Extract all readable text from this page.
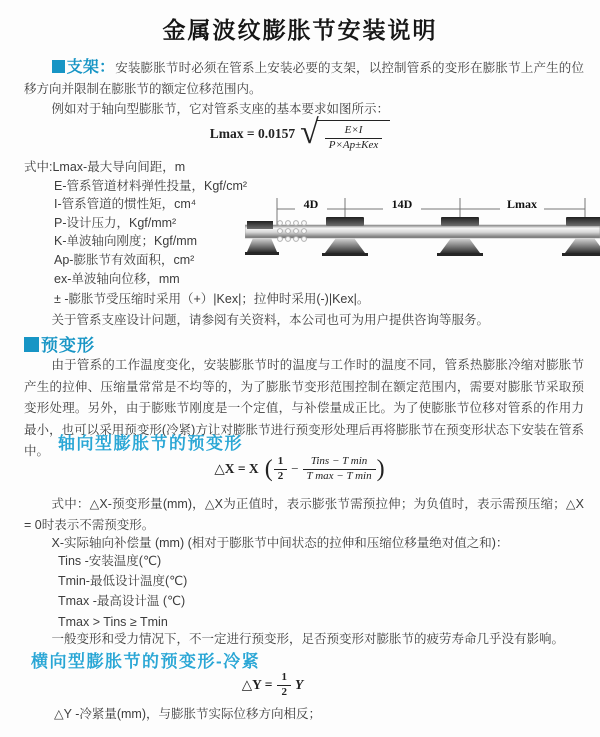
金属波纹膨胀节安装说明

支架：安装膨胀节时必须在管系上安装必要的支架，以控制管系的变形在膨胀节上产生的位移方向并限制在膨胀节的额定位移范围内。

例如对于轴向型膨胀节，它对管系支座的基本要求如图所示：

Lmax = 0.0157 √ $\frac{E\times I}{\text{P×Ap±Kex}}$
式中:Lmax-最大导向间距，m
E-管系管道材料弹性投量，Kgf/cm²
I-管系管道的惯性矩，cm⁴
P-设计压力，Kgf/mm²
K-单波轴向刚度；Kgf/mm
Ap-膨胀节有效面积，cm²
ex-单波轴向位移，mm

± -膨胀节受压缩时采用（+）|Kex|；拉伸时采用(-)|Kex|。

关于管系支座设计问题，请参阅有关资料，本公司也可为用户提供咨询等服务。

4D	14D	Lmax
预变形

由于管系的工作温度变化，安装膨胀节时的温度与工作时的温度不同，管系热膨胀冷缩对膨胀节产生的拉伸、压缩量常常是不均等的，为了膨胀节变形范围控制在额定范围内，需要对膨胀节采取预变形处理。另外，由于膨账节刚度是一个定值，与补偿量成正比。为了使膨胀节位移对管系的作用力最小，也可以采用预变形(冷紧)方让对膨胀节进行预变形处理后再将膨胀节在预变形状态下安装在管系中。 轴向型膨胀节的预变形
△X = X ( $\frac{1}{2} - \frac{\text{Tins − T min}}{\text{T max − T min}}$ )

式中：△X-预变形量(mm)，△X为正值时，表示膨张节需预拉伸；为负值时，表示需预压缩；△X = 0时表示不需预变形。

X-实际轴向补偿量 (mm) (相对于膨胀节中间状态的拉伸和压缩位移量绝对值之和)：

Tins -安装温度(℃)
Tmin-最低设计温度(℃)
Tmax -最高设计温 (℃)
Tmax > Tins ≥ Tmin

一般变形和受力情况下，不一定进行预变形，足否预变形对膨胀节的疲劳寿命几乎没有影响。

横向型膨胀节的预变形-冷紧
△Y = $\frac{1}{2}$ Y

△Y -冷紧量(mm)，与膨胀节实际位移方向相反；
